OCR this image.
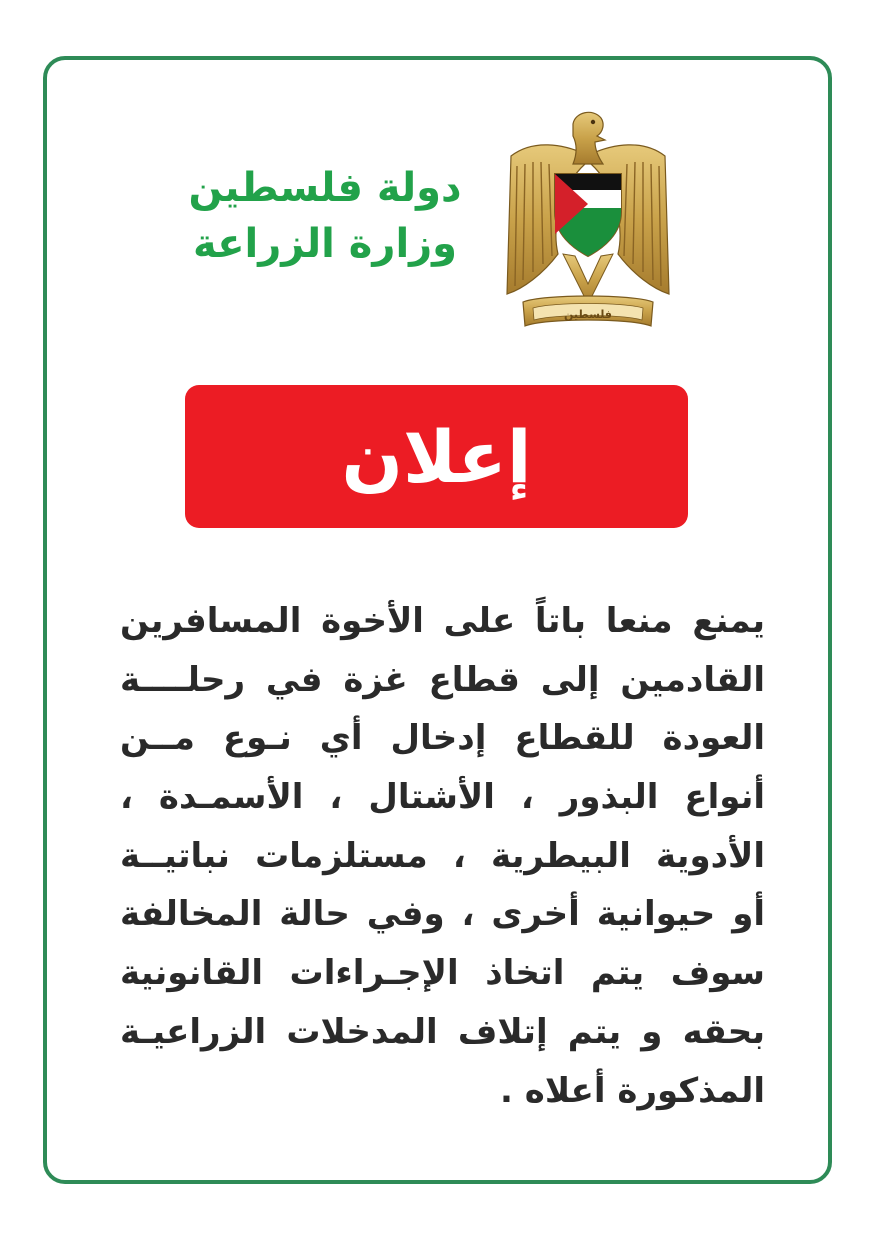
فلسطين
دولة فلسطين
وزارة الزراعة
إعلان
يمنع منعا باتاً على الأخوة المسافرين
القادمين إلى قطاع غزة في رحلــــة
العودة للقطاع إدخال أي نـوع مــن
أنواع البذور ، الأشتال ، الأسمـدة ،
الأدوية البيطرية ، مستلزمات نباتيــة
أو حيوانية أخرى ، وفي حالة المخالفة
سوف يتم اتخاذ الإجـراءات القانونية
بحقه و يتم إتلاف المدخلات الزراعيـة
المذكورة أعلاه .
